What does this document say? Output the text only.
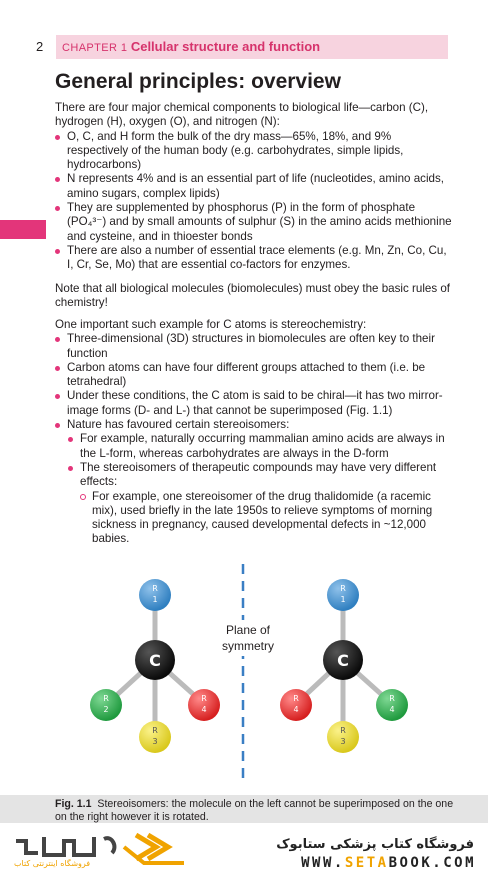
2 CHAPTER 1 Cellular structure and function
General principles: overview

There are four major chemical components to biological life—carbon (C), hydrogen (H), oxygen (O), and nitrogen (N):

O, C, and H form the bulk of the dry mass—65%, 18%, and 9% respectively of the human body (e.g. carbohydrates, simple lipids, hydrocarbons)
N represents 4% and is an essential part of life (nucleotides, amino acids, amino sugars, complex lipids)
They are supplemented by phosphorus (P) in the form of phosphate (PO₄³⁻) and by small amounts of sulphur (S) in the amino acids methionine and cysteine, and in thioester bonds
There are also a number of essential trace elements (e.g. Mn, Zn, Co, Cu, I, Cr, Se, Mo) that are essential co-factors for enzymes.

Note that all biological molecules (biomolecules) must obey the basic rules of chemistry!

One important such example for C atoms is stereochemistry:

Three-dimensional (3D) structures in biomolecules are often key to their function
Carbon atoms can have four different groups attached to them (i.e. be tetrahedral)
Under these conditions, the C atom is said to be chiral—it has two mirror-image forms (D- and L-) that cannot be superimposed (Fig. 1.1)
Nature has favoured certain stereoisomers:
For example, naturally occurring mammalian amino acids are always in the L-form, whereas carbohydrates are always in the D-form
The stereoisomers of therapeutic compounds may have very different effects:
For example, one stereoisomer of the drug thalidomide (a racemic mix), used briefly in the late 1950s to relieve symptoms of morning sickness in pregnancy, caused developmental defects in ~12,000 babies.
Plane of
symmetry
R
1
R
2
R
4
R
3
C
R
1
R
4
R
4
R
3
C

Fig. 1.1 Stereoisomers: the molecule on the left cannot be superimposed on the one on the right however it is rotated.

فروشگاه اینترنتی کتاب
فروشگاه کتاب پزشکی ستابوک
WWW.SETABOOK.COM
